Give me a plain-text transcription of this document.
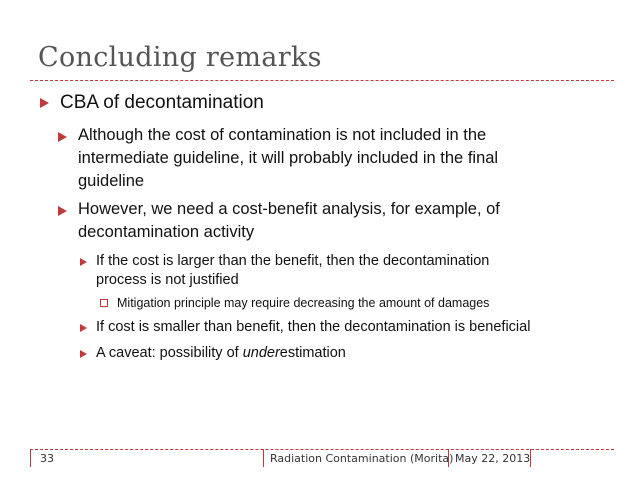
Concluding remarks
CBA of decontamination
Although the cost of contamination is not included in the
intermediate guideline, it will probably included in the final
guideline
However, we need a cost-benefit analysis, for example, of
decontamination activity
If the cost is larger than the benefit, then the decontamination
process is not justified
Mitigation principle may require decreasing the amount of damages
If cost is smaller than benefit, then the decontamination is beneficial
A caveat: possibility of underestimation
33	Radiation Contamination (Morita) May 22, 2013
